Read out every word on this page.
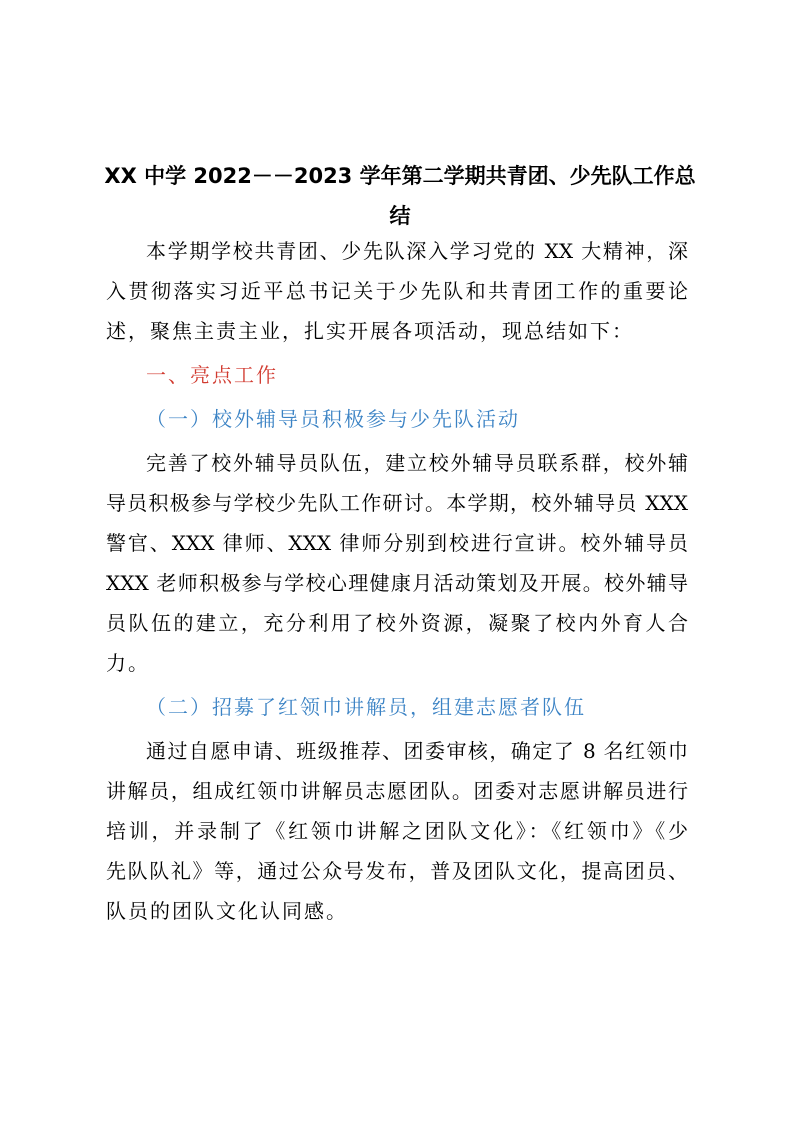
XX 中学 2022－－2023 学年第二学期共青团、少先队工作总
结

本学期学校共青团、少先队深入学习党的 XX 大精神，深

入贯彻落实习近平总书记关于少先队和共青团工作的重要论

述，聚焦主责主业，扎实开展各项活动，现总结如下：

一、亮点工作

（一）校外辅导员积极参与少先队活动

完善了校外辅导员队伍，建立校外辅导员联系群，校外辅

导员积极参与学校少先队工作研讨。本学期，校外辅导员 XXX

警官、XXX 律师、XXX 律师分别到校进行宣讲。校外辅导员

XXX 老师积极参与学校心理健康月活动策划及开展。校外辅导

员队伍的建立，充分利用了校外资源，凝聚了校内外育人合

力。

（二）招募了红领巾讲解员，组建志愿者队伍

通过自愿申请、班级推荐、团委审核，确定了 8 名红领巾

讲解员，组成红领巾讲解员志愿团队。团委对志愿讲解员进行

培训，并录制了《红领巾讲解之团队文化》：《红领巾》《少

先队队礼》等，通过公众号发布，普及团队文化，提高团员、

队员的团队文化认同感。
